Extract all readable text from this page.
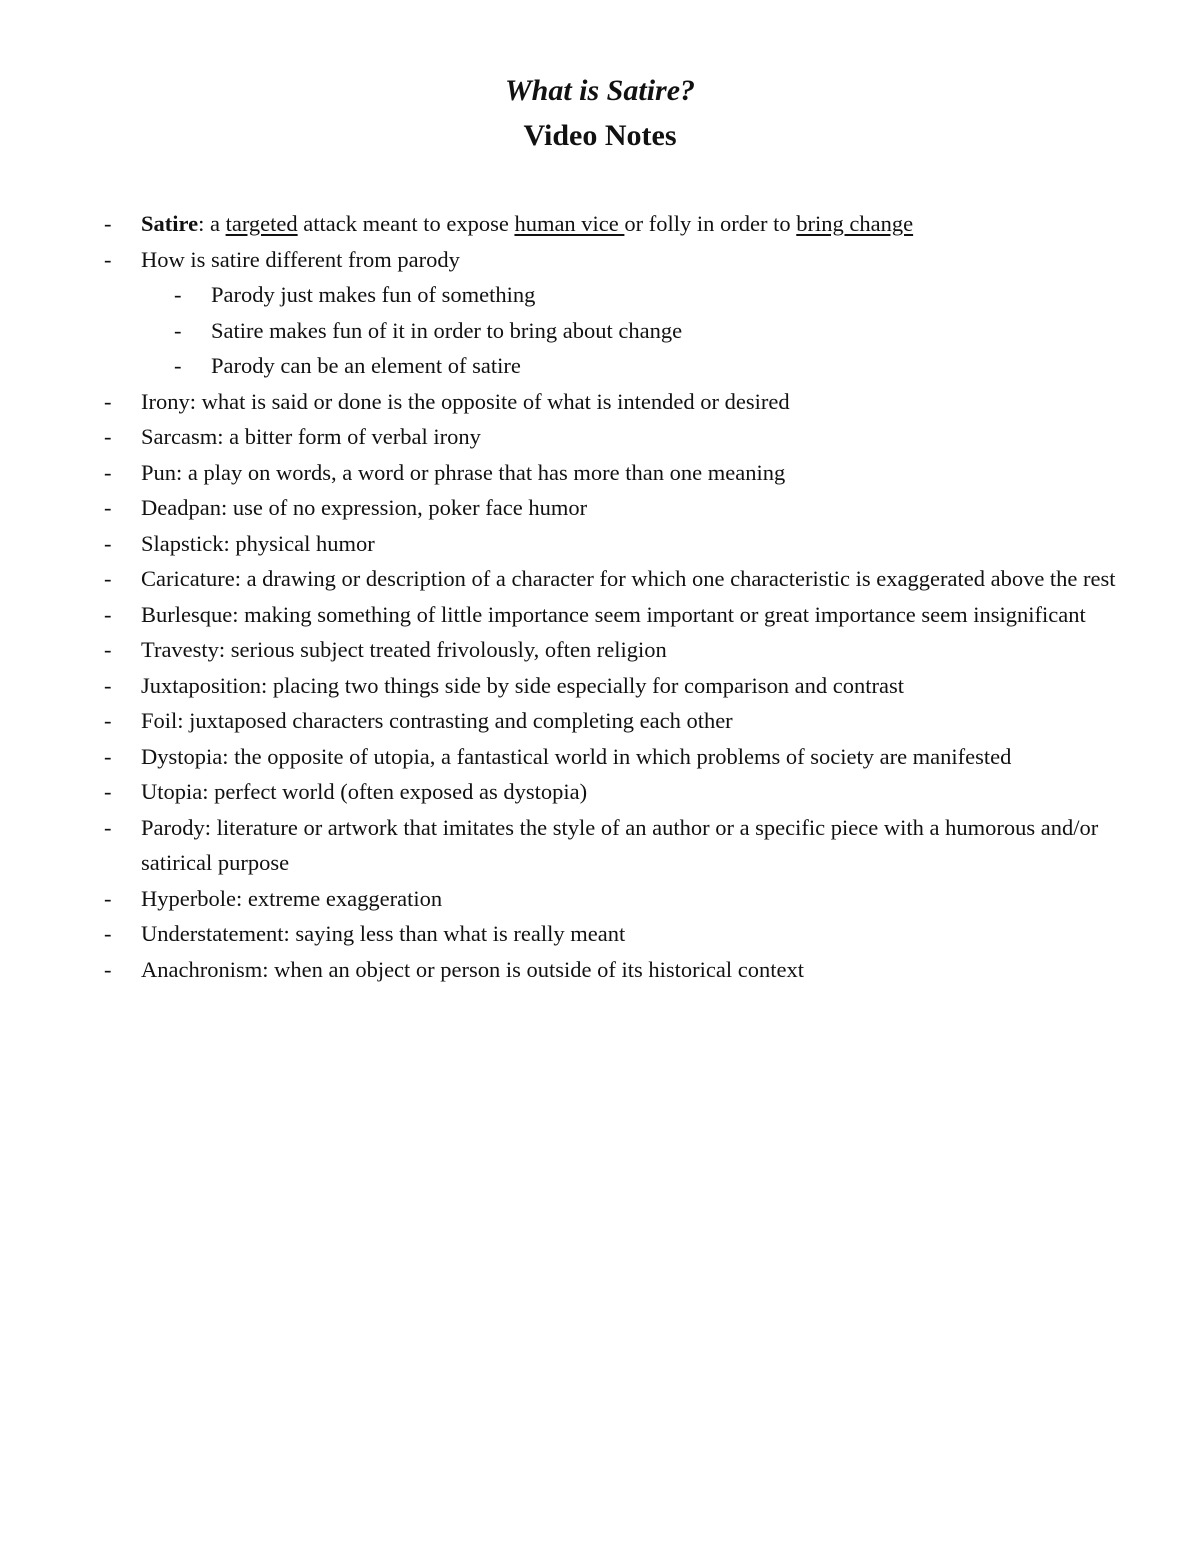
What is Satire?
Video Notes
- Satire: a targeted attack meant to expose human vice or folly in order to bring change
- How is satire different from parody
- Parody just makes fun of something
- Satire makes fun of it in order to bring about change
- Parody can be an element of satire
- Irony: what is said or done is the opposite of what is intended or desired
- Sarcasm: a bitter form of verbal irony
- Pun: a play on words, a word or phrase that has more than one meaning
- Deadpan: use of no expression, poker face humor
- Slapstick: physical humor
- Caricature: a drawing or description of a character for which one characteristic is exaggerated above the rest
- Burlesque: making something of little importance seem important or great importance seem insignificant
- Travesty: serious subject treated frivolously, often religion
- Juxtaposition: placing two things side by side especially for comparison and contrast
- Foil: juxtaposed characters contrasting and completing each other
- Dystopia: the opposite of utopia, a fantastical world in which problems of society are manifested
- Utopia: perfect world (often exposed as dystopia)
- Parody: literature or artwork that imitates the style of an author or a specific piece with a humorous and/or satirical purpose
- Hyperbole: extreme exaggeration
- Understatement: saying less than what is really meant
- Anachronism: when an object or person is outside of its historical context
